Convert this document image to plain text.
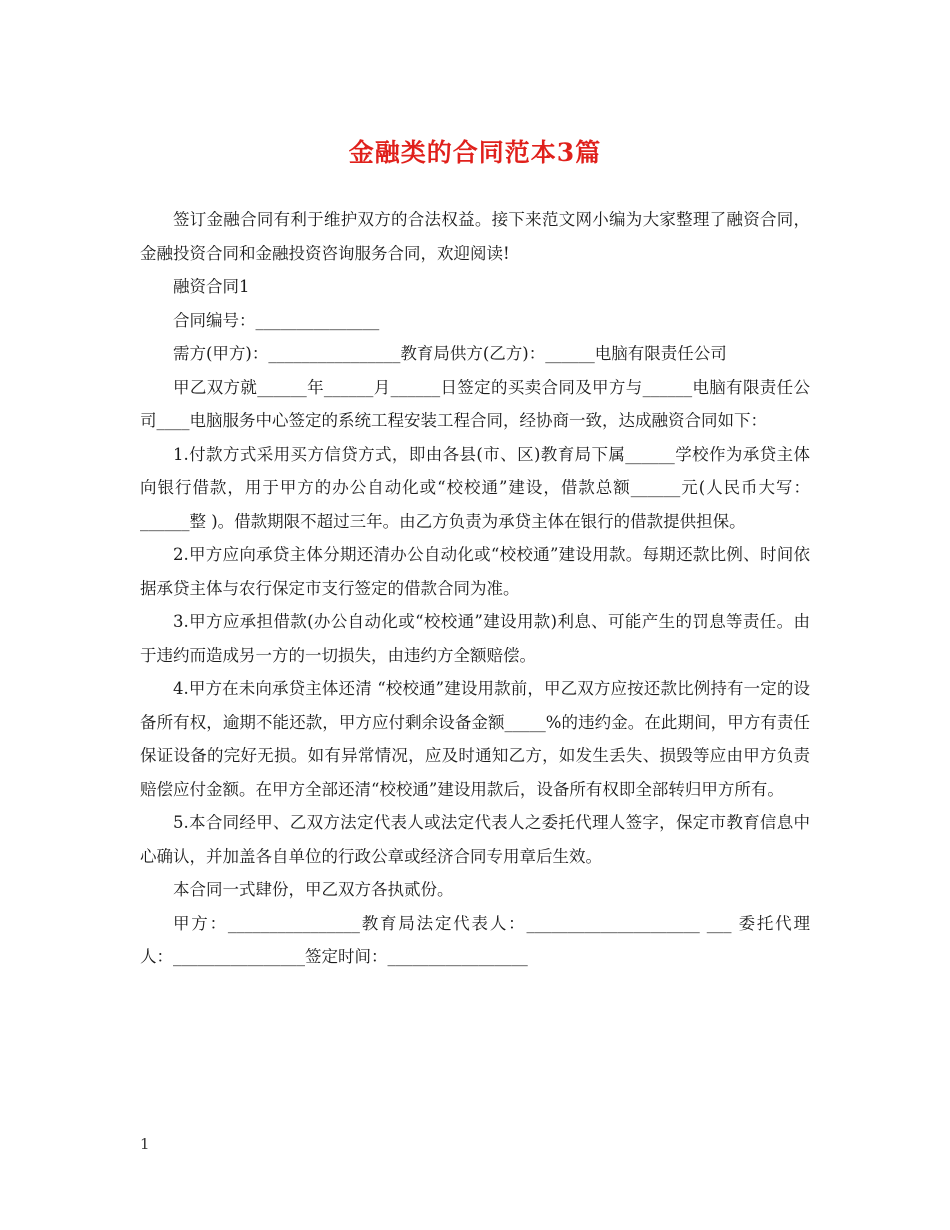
金融类的合同范本3篇

签订金融合同有利于维护双方的合法权益。接下来范文网小编为大家整理了融资合同，金融投资合同和金融投资咨询服务合同，欢迎阅读!

融资合同1

合同编号：_______________

需方(甲方)：________________教育局供方(乙方)：______电脑有限责任公司

甲乙双方就______年______月______日签定的买卖合同及甲方与______电脑有限责任公司____电脑服务中心签定的系统工程安装工程合同，经协商一致，达成融资合同如下：

1.付款方式采用买方信贷方式，即由各县(市、区)教育局下属______学校作为承贷主体向银行借款，用于甲方的办公自动化或“校校通”建设，借款总额______元(人民币大写：______整 )。借款期限不超过三年。由乙方负责为承贷主体在银行的借款提供担保。

2.甲方应向承贷主体分期还清办公自动化或“校校通”建设用款。每期还款比例、时间依据承贷主体与农行保定市支行签定的借款合同为准。

3.甲方应承担借款(办公自动化或“校校通”建设用款)利息、可能产生的罚息等责任。由于违约而造成另一方的一切损失，由违约方全额赔偿。

4.甲方在未向承贷主体还清 “校校通”建设用款前，甲乙双方应按还款比例持有一定的设备所有权，逾期不能还款，甲方应付剩余设备金额_____%的违约金。在此期间，甲方有责任保证设备的完好无损。如有异常情况，应及时通知乙方，如发生丢失、损毁等应由甲方负责赔偿应付金额。在甲方全部还清“校校通”建设用款后，设备所有权即全部转归甲方所有。

5.本合同经甲、乙双方法定代表人或法定代表人之委托代理人签字，保定市教育信息中心确认，并加盖各自单位的行政公章或经济合同专用章后生效。

本合同一式肆份，甲乙双方各执贰份。

甲方：________________教育局法定代表人：_____________________ ___ 委托代理人：________________签定时间：_________________

1
